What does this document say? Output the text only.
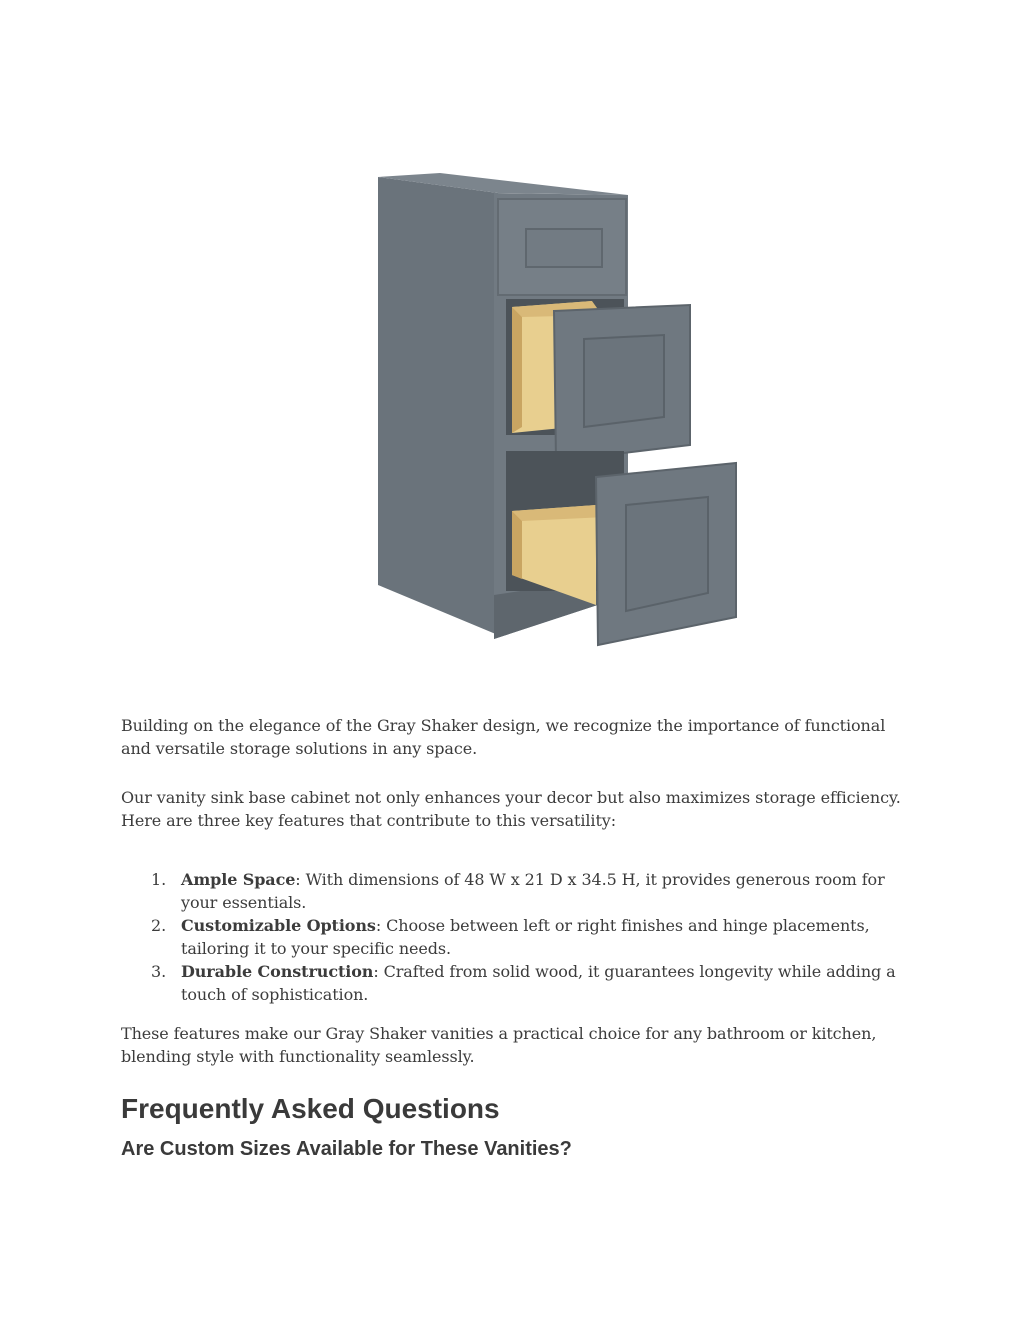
Building on the elegance of the Gray Shaker design, we recognize the importance of functional and versatile storage solutions in any space.

Our vanity sink base cabinet not only enhances your decor but also maximizes storage efficiency. Here are three key features that contribute to this versatility:

1. Ample Space: With dimensions of 48 W x 21 D x 34.5 H, it provides generous room for your essentials.
2. Customizable Options: Choose between left or right finishes and hinge placements, tailoring it to your specific needs.
3. Durable Construction: Crafted from solid wood, it guarantees longevity while adding a touch of sophistication.

These features make our Gray Shaker vanities a practical choice for any bathroom or kitchen, blending style with functionality seamlessly.

Frequently Asked Questions
Are Custom Sizes Available for These Vanities?
